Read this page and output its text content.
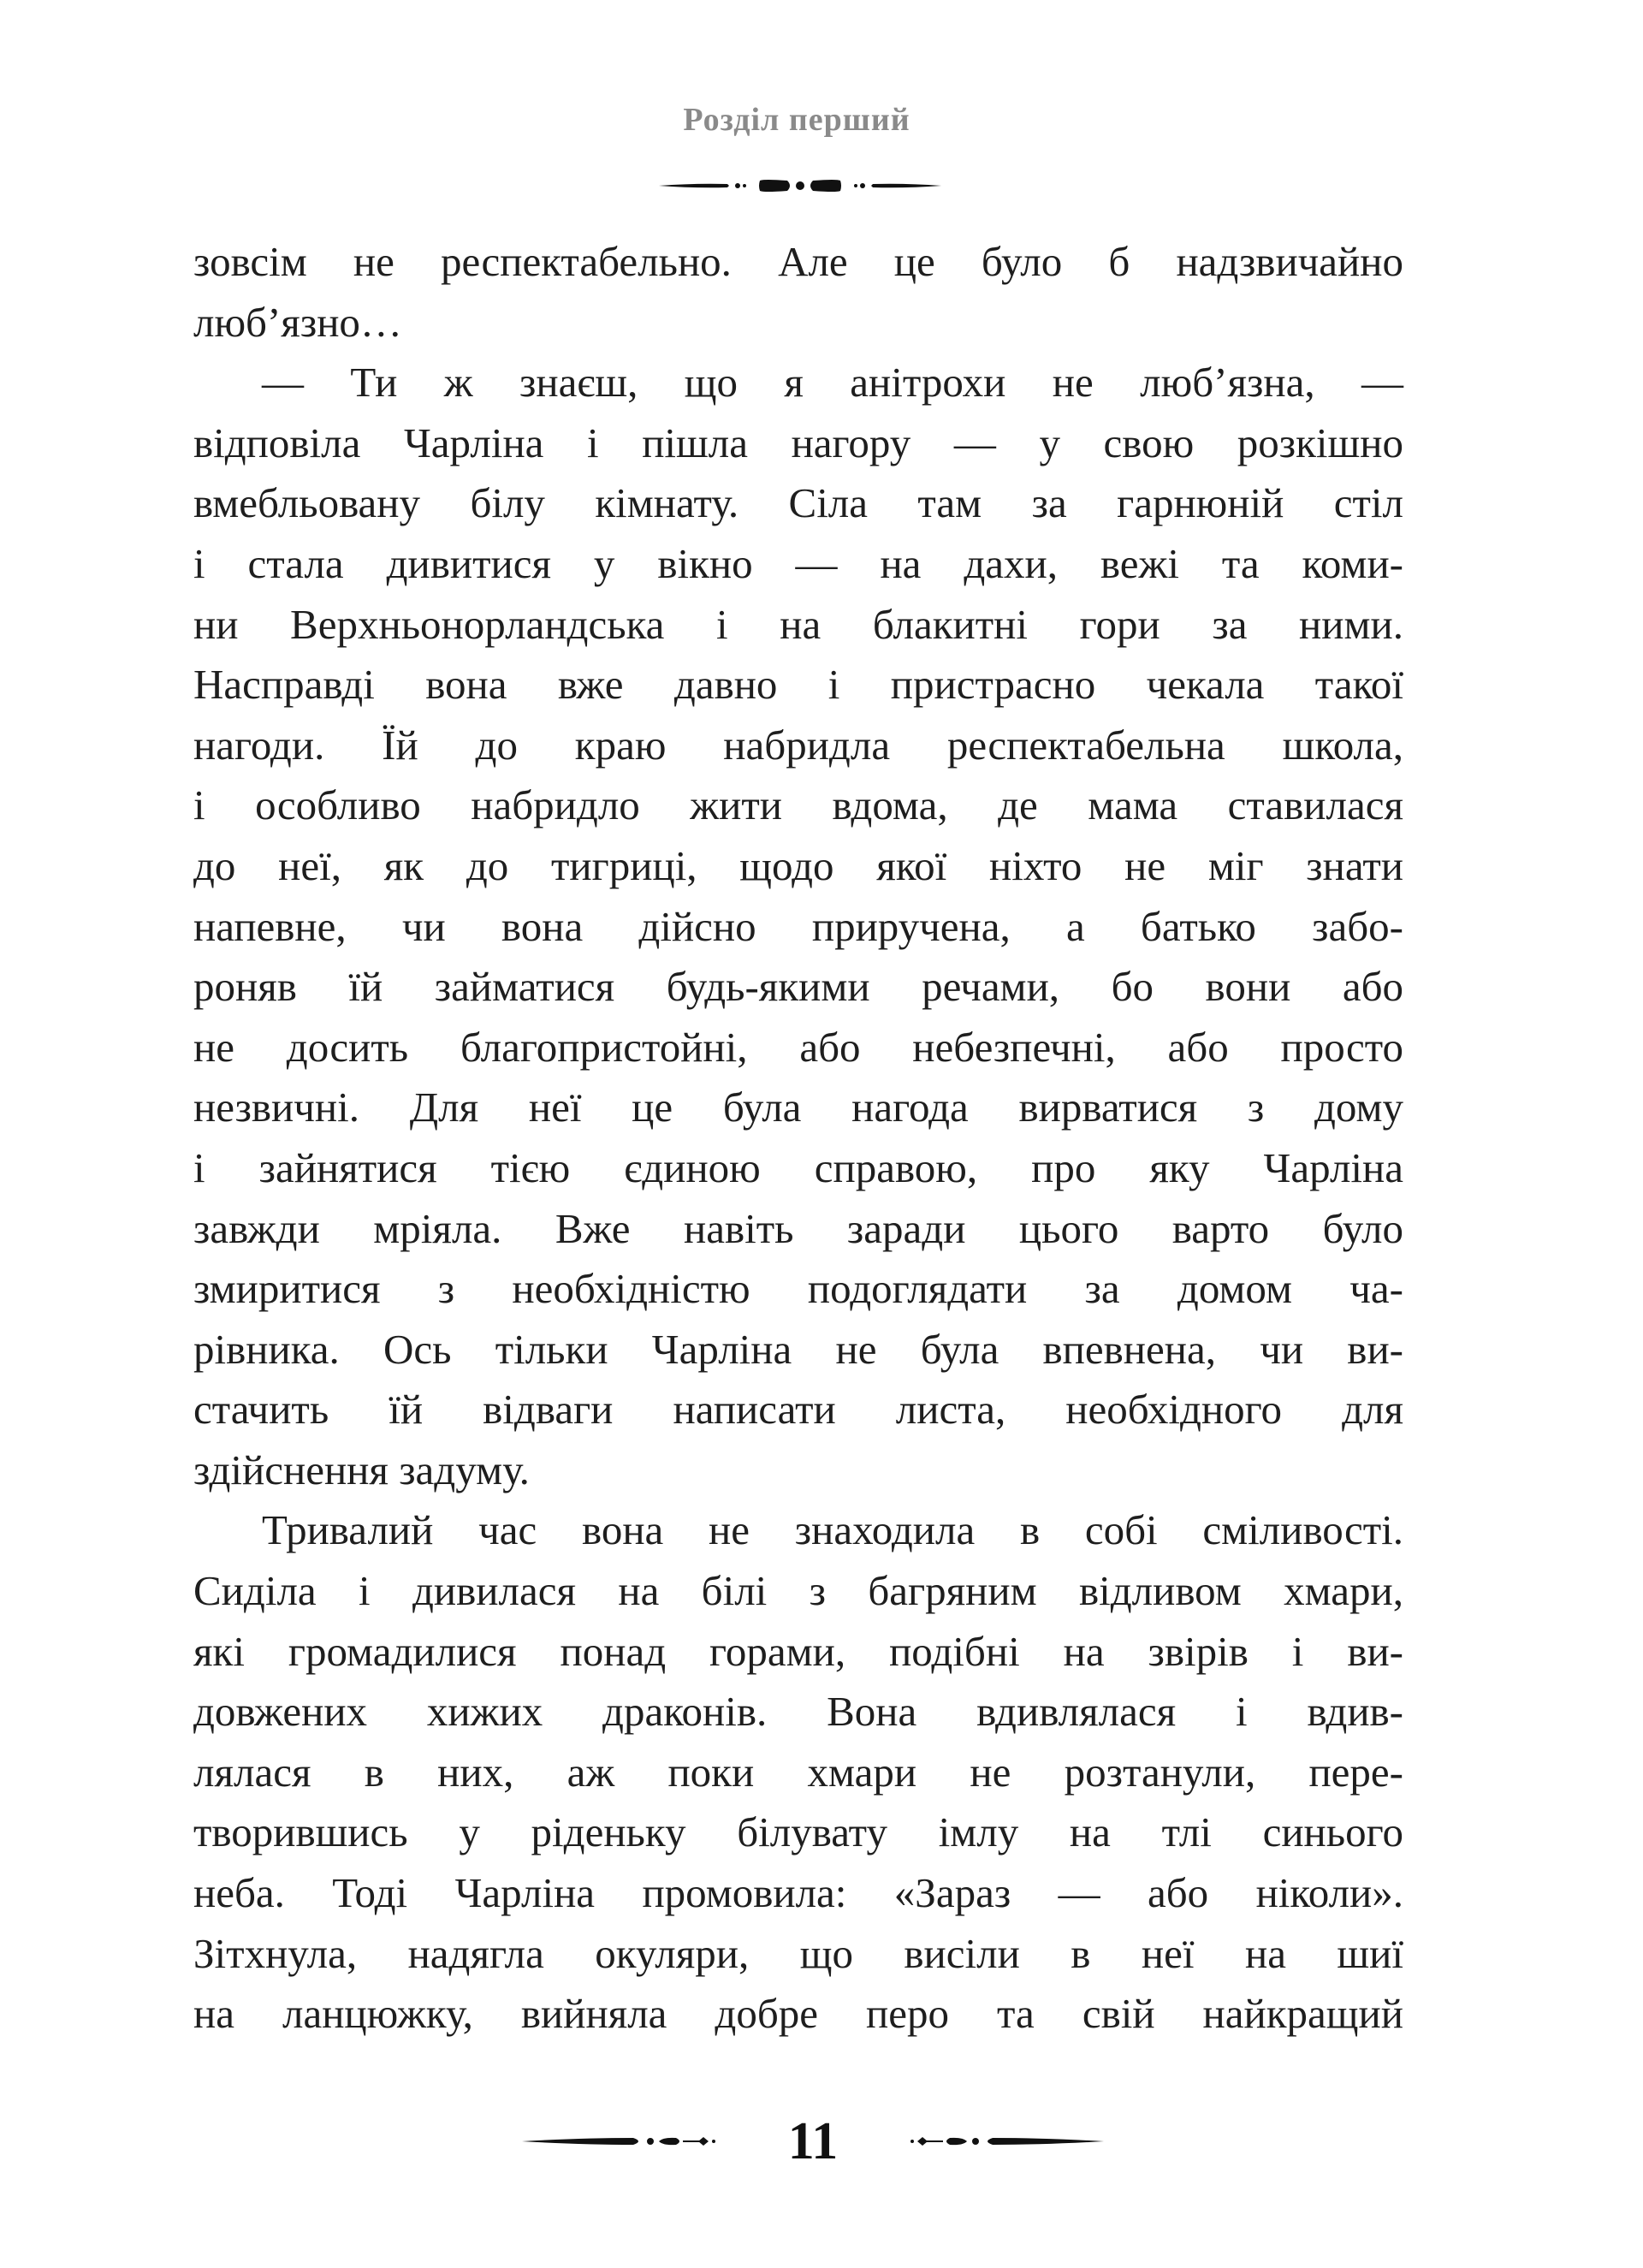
Розділ перший
зовсім не респектабельно. Але це було б надзвичайно
люб’язно…
— Ти ж знаєш, що я анітрохи не люб’язна, —
відповіла Чарліна і пішла нагору — у свою розкішно
вмебльовану білу кімнату. Сіла там за гарнюній стіл
і стала дивитися у вікно — на дахи, вежі та коми-
ни Верхньонорландська і на блакитні гори за ними.
Насправді вона вже давно і пристрасно чекала такої
нагоди. Їй до краю набридла респектабельна школа,
і особливо набридло жити вдома, де мама ставилася
до неї, як до тигриці, щодо якої ніхто не міг знати
напевне, чи вона дійсно приручена, а батько забо-
роняв їй займатися будь-якими речами, бо вони або
не досить благопристойні, або небезпечні, або просто
незвичні. Для неї це була нагода вирватися з дому
і зайнятися тією єдиною справою, про яку Чарліна
завжди мріяла. Вже навіть заради цього варто було
змиритися з необхідністю подоглядати за домом ча-
рівника. Ось тільки Чарліна не була впевнена, чи ви-
стачить їй відваги написати листа, необхідного для
здійснення задуму.
Тривалий час вона не знаходила в собі сміливості.
Сиділа і дивилася на білі з багряним відливом хмари,
які громадилися понад горами, подібні на звірів і ви-
довжених хижих драконів. Вона вдивлялася і вдив-
лялася в них, аж поки хмари не розтанули, пере-
творившись у ріденьку білувату імлу на тлі синього
неба. Тоді Чарліна промовила: «Зараз — або ніколи».
Зітхнула, надягла окуляри, що висіли в неї на шиї
на ланцюжку, вийняла добре перо та свій найкращий
11
